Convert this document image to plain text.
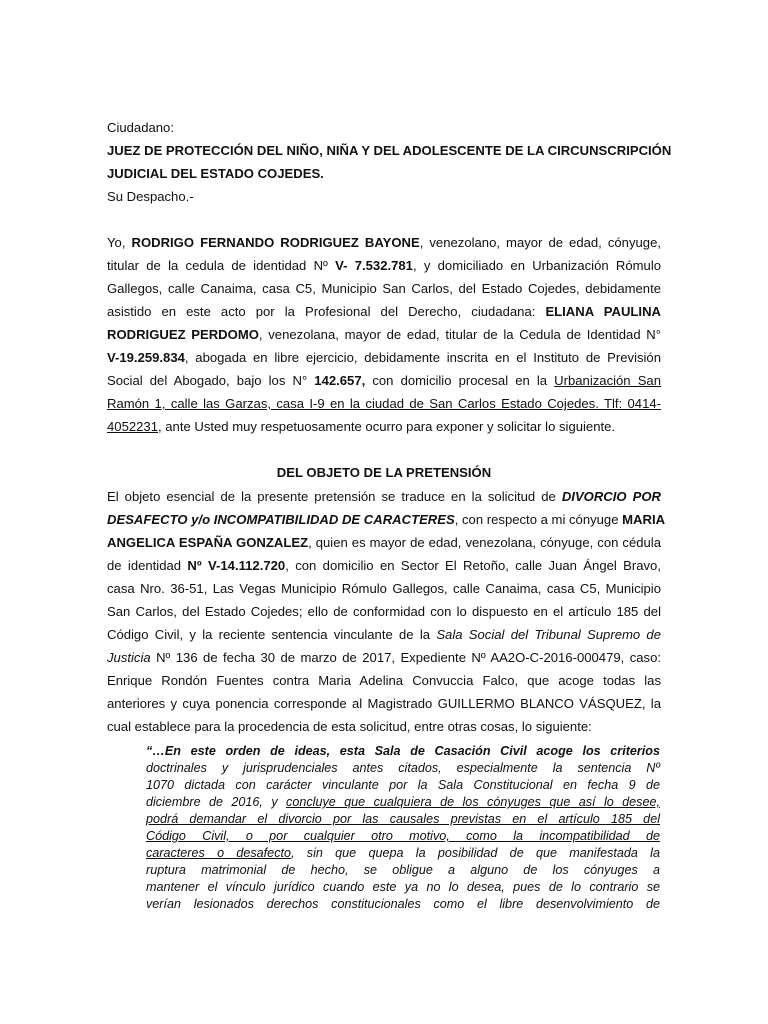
Ciudadano:
JUEZ DE PROTECCIÓN DEL NIÑO, NIÑA Y DEL ADOLESCENTE DE LA CIRCUNSCRIPCIÓN
JUDICIAL DEL ESTADO COJEDES.
Su Despacho.-
Yo, RODRIGO FERNANDO RODRIGUEZ BAYONE, venezolano, mayor de edad, cónyuge,
titular de la cedula de identidad Nº V- 7.532.781, y domiciliado en Urbanización Rómulo
Gallegos, calle Canaima, casa C5, Municipio San Carlos, del Estado Cojedes, debidamente
asistido en este acto por la Profesional del Derecho, ciudadana: ELIANA PAULINA
RODRIGUEZ PERDOMO, venezolana, mayor de edad, titular de la Cedula de Identidad N°
V-19.259.834, abogada en libre ejercicio, debidamente inscrita en el Instituto de Previsión
Social del Abogado, bajo los N° 142.657, con domicilio procesal en la Urbanización San
Ramón 1, calle las Garzas, casa I-9 en la ciudad de San Carlos Estado Cojedes. Tlf: 0414-
4052231, ante Usted muy respetuosamente ocurro para exponer y solicitar lo siguiente.
DEL OBJETO DE LA PRETENSIÓN
El objeto esencial de la presente pretensión se traduce en la solicitud de DIVORCIO POR
DESAFECTO y/o INCOMPATIBILIDAD DE CARACTERES, con respecto a mi cónyuge MARIA
ANGELICA ESPAÑA GONZALEZ, quien es mayor de edad, venezolana, cónyuge, con cédula
de identidad Nº V-14.112.720, con domicilio en Sector El Retoño, calle Juan Ángel Bravo,
casa Nro. 36-51, Las Vegas Municipio Rómulo Gallegos, calle Canaima, casa C5, Municipio
San Carlos, del Estado Cojedes; ello de conformidad con lo dispuesto en el artículo 185 del
Código Civil, y la reciente sentencia vinculante de la Sala Social del Tribunal Supremo de
Justicia Nº 136 de fecha 30 de marzo de 2017, Expediente Nº AA2O-C-2016-000479, caso:
Enrique Rondón Fuentes contra Maria Adelina Convuccia Falco, que acoge todas las
anteriores y cuya ponencia corresponde al Magistrado GUILLERMO BLANCO VÁSQUEZ, la
cual establece para la procedencia de esta solicitud, entre otras cosas, lo siguiente:
“…En este orden de ideas, esta Sala de Casación Civil acoge los criterios
doctrinales y jurisprudenciales antes citados, especialmente la sentencia Nº
1070 dictada con carácter vinculante por la Sala Constitucional en fecha 9 de
diciembre de 2016, y concluye que cualquiera de los cónyuges que así lo desee,
podrá demandar el divorcio por las causales previstas en el artículo 185 del
Código Civil, o por cualquier otro motivo, como la incompatibilidad de
caracteres o desafecto, sin que quepa la posibilidad de que manifestada la
ruptura matrimonial de hecho, se obligue a alguno de los cónyuges a
mantener el vínculo jurídico cuando este ya no lo desea, pues de lo contrario se
verían lesionados derechos constitucionales como el libre desenvolvimiento de
